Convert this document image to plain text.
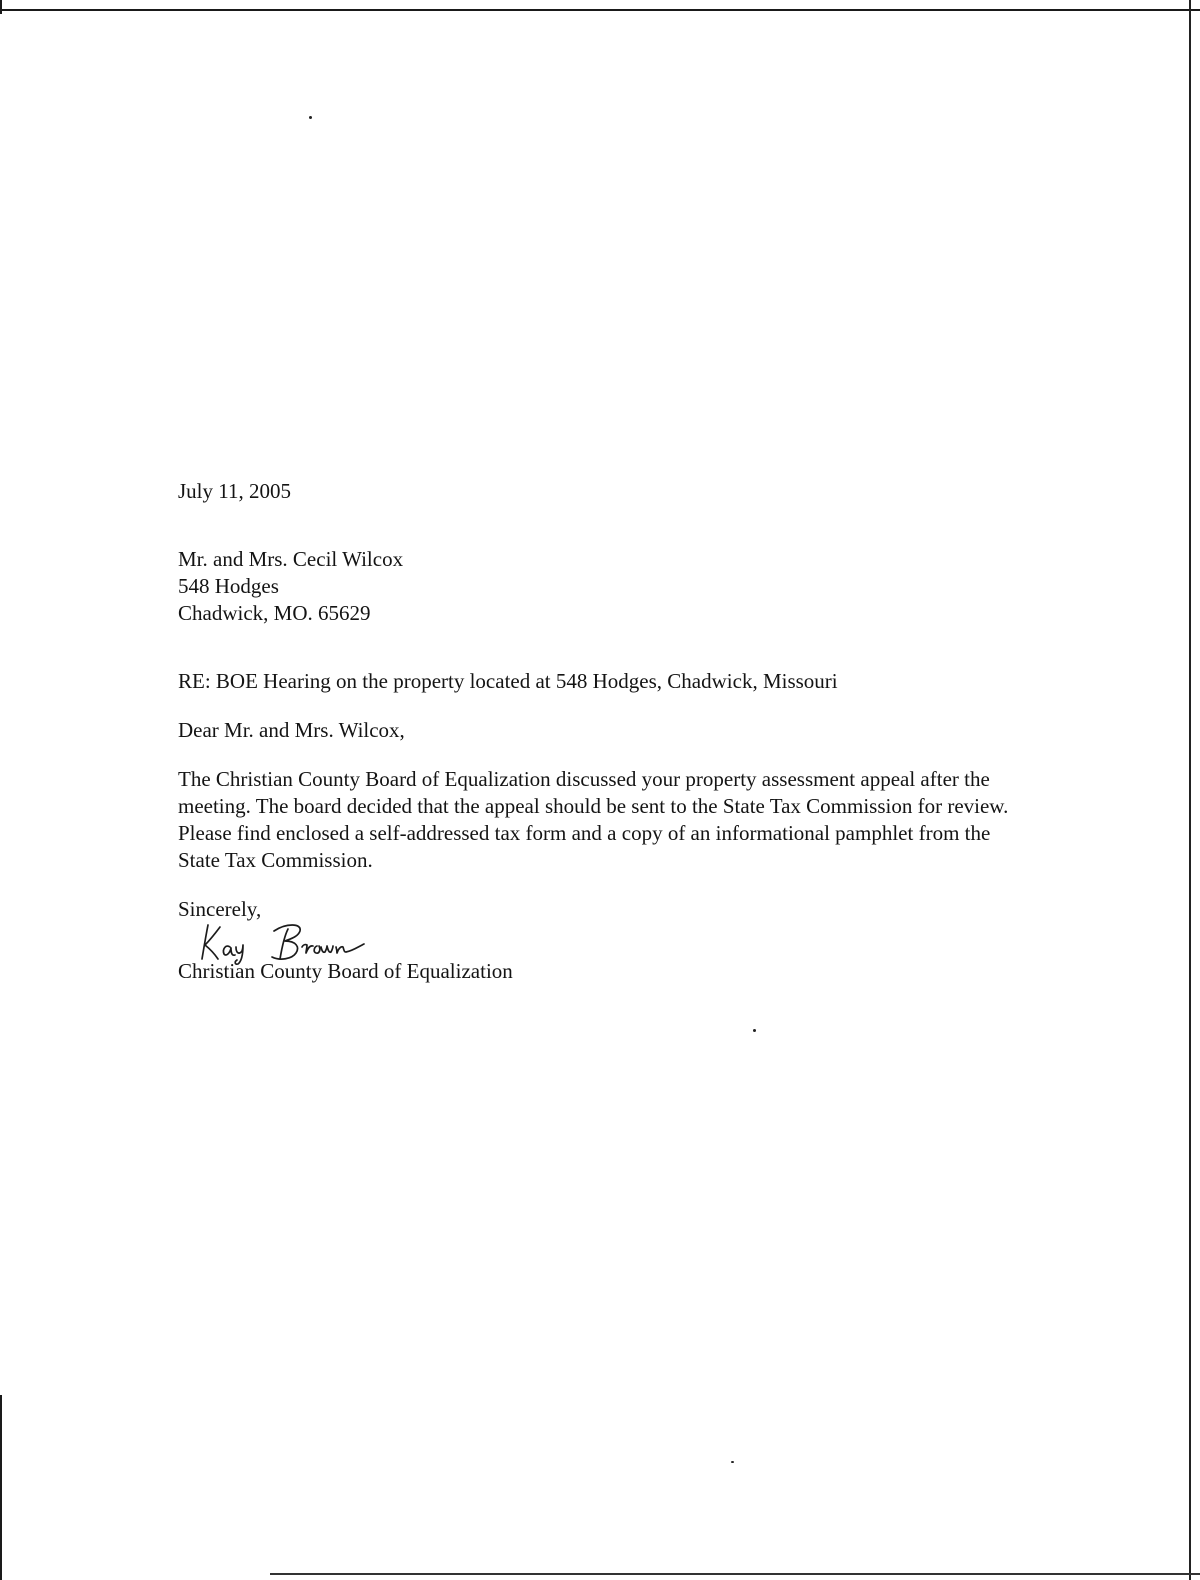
July 11, 2005

Mr. and Mrs. Cecil Wilcox
548 Hodges
Chadwick, MO. 65629
RE: BOE Hearing on the property located at 548 Hodges, Chadwick, Missouri
Dear Mr. and Mrs. Wilcox,
The Christian County Board of Equalization discussed your property assessment appeal after the meeting. The board decided that the appeal should be sent to the State Tax Commission for review. Please find enclosed a self-addressed tax form and a copy of an informational pamphlet from the State Tax Commission.
Sincerely,
Christian County Board of Equalization
